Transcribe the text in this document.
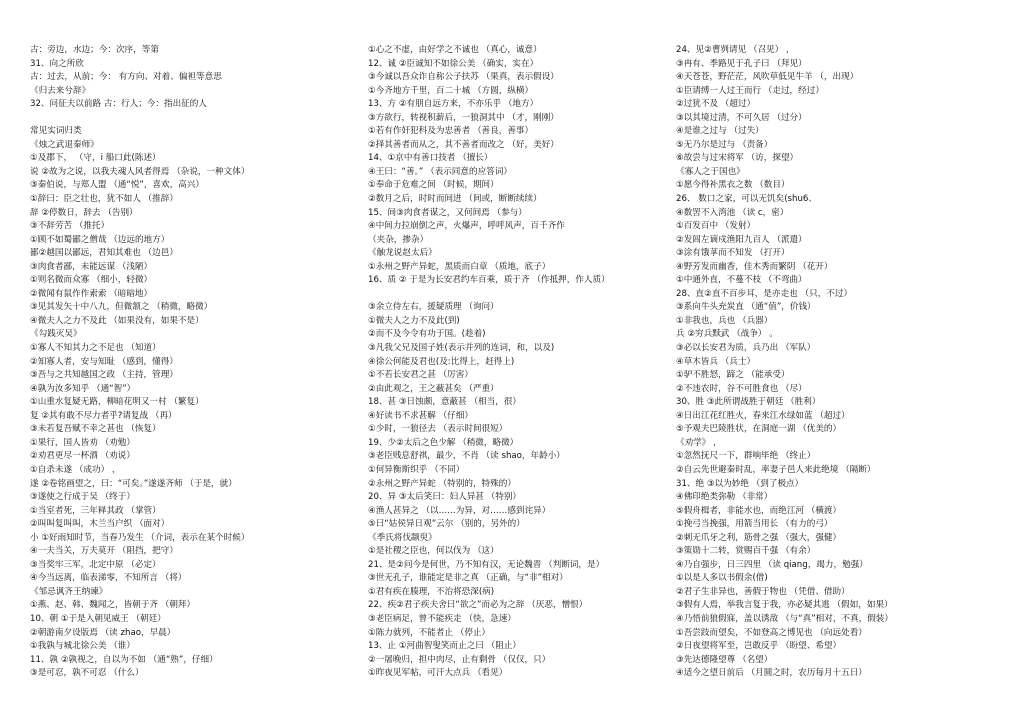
古：旁边，水边；今：次序，等第
31、向之所欣
古：过去，从前；今： 有方向、对着、偏袒等意思
《归去来兮辞》
32、问征夫以前路 古：行人；今：指出征的人
常见实词归类
《烛之武退秦师》
①及郡下， （守，i 船口此(陈述）
说 ②故为之说，以我夫魂人风者得焉 （杂说，一种文体）
③秦伯说，与郑人盟 （通“悦”，喜欢，高兴）
①辞曰：臣之壮也，犹不如人 （推辞）
辞 ②停数日，辞去 （告别）
③不辞劳苦 （推托）
①顾不如蜀鄙之僧哉 （边远的地方）
鄙②越国以鄙远，君知其难也 （边邑）
③肉食者鄙，未能远谋 （浅陋）
①则名微而众寡 （细小，轻微）
②微闻有鼠作作索索 （暗暗地）
③见其发矢十中八九，但微颔之 （稍微，略微）
④微夫人之力不及此 （如果没有，如果不是）
《勾践灭吴》
①寡人不知其力之不足也 （知道）
②知寡人者，安与知耻 （感到，懂得）
③吾与之共知越国之政 （主持，管理）
④孰为汝多知乎 （通“智”）
①山重水复疑无路，柳暗花明又一村 （繁复）
复 ②其有敢不尽力者乎?请复战 （再）
③未若复吾赋不幸之甚也 （恢复）
①果行，国人皆劝 （劝勉）
②劝君更尽一杯酒 （劝说）
①自杀未遂 （成功） ，
遂 ②卷铭画望之，曰：“可矣。”遂遂齐师 （于是，就）
③遂使之行成于吴 （终于）
①当室者死，三年释其政 （掌管）
②叫叫复叫叫，木兰当户织 （面对）
小 ①好雨知时节，当春乃发生 （介词，表示在某个时候）
④一夫当关，万夫莫开 （阻挡，把守）
③当奖牢三军，北定中原 （必定）
④今当远离，临表涕零，不知所言 （将）
《邹忌讽齐王纳谏》
①燕、赵、韩、魏闻之，皆朝于齐 （朝拜）
10、朝 ①于是入朝见威王 （朝廷）
②朝游南夕设版焉 （读 zhao，早晨）
①我孰与城北徐公美 （谁）
11、孰 ②孰视之，自以为不如 （通“熟”，仔细）
③是可忍，孰不可忍 （什么）
①心之不虚，由好学之不诚也 （真心，诚意）
12、诚 ②臣诚知不如徐公美 （确实，实在）
③今诚以吾众诈自称公子扶苏 （果真，表示假设）
①今齐地方千里，百二十城 （方圆，纵横）
13、方 ②有朋自远方来，不亦乐乎 （地方）
③方欲行，转视积薪后，一狼洞其中 （才，刚刚）
①若有作奸犯科及为忠善者 （善良，善事）
②择其善者而从之，其不善者而改之 （好，美好）
14、①京中有善口技者 （擅长）
④王曰：“善。” （表示同意的应答词）
①奉命于危难之间 （时候，期间）
②数月之后，时时而间进 （间或，断断续续）
15、间③肉食者谋之，又何间焉 （参与）
④中间力拉崩倒之声，火爆声，呼呼风声，百千齐作
（夹杂，掺杂）
《触龙说赵太后》
①永州之野产异蛇，黑质而白章 （质地，底子）
16、质 ② 于是为长安君约车百乘，质于齐 （作抵押，作人质）
③余立侍左右，援疑质理 （询问）
①微夫人之力不及此(到)
②而不及今令有功于国。(趁着)
③凡我父兄及国子姓(表示并列的连词，和，以及)
④徐公何能及君也(及:比得上，赶得上)
①不若长安君之甚 （厉害）
②由此观之，王之蔽甚矣 （严重）
18、甚 ③日蚀颇，意蔽甚 （相当，很）
④好读书不求甚解 （仔细）
①少时，一狼径去 （表示时间很短）
19、少②太后之色少解 （稍微，略微）
③老臣贱息舒祺，最少，不肖 （读 shao，年龄小）
①何异衡斯织乎 （不同）
②永州之野产异蛇 （特别的，特殊的）
20、异 ③太后笑曰：妇人异甚 （特别）
④渔人甚异之 （以……为异，对……感到诧异）
⑤曰“姑侯异日观”云尔 （别的，另外的）
《季氏将伐颛臾》
①是社稷之臣也，何以伐为 （这）
21、是②问今是何世，乃不知有汉，无论魏晋 （判断词，是）
③世无孔子，谁能定是非之真 （正确，与“非”相对）
①君有疾在腠理，不治将恐深(病)
22、疾②君子疾夫舍曰“欲之”而必为之辞 （厌恶，憎恨）
③老臣病足，曾不能疾走 （快，急速）
①陈力就列，不能者止 （停止）
13、止 ①河曲智叟笑而止之曰 （阻止）
②一屠晚归，担中肉尽，止有剩骨 （仅仅，只）
①昨夜见军帖，可汗大点兵 （看见）
24、见②曹刿请见 （召见） ，
③冉有、季路见于孔子曰 （拜见）
④天苍苍，野茫茫，风吹草低见牛羊 （，出现）
①臣请缚一人过王而行 （走过，经过）
②过犹不及 （超过）
③以其境过清，不可久居 （过分）
④是谁之过与 （过失）
⑤无乃尔是过与 （责备）
⑥故尝与过宋将军 （访，探望）
《寡人之于国也》
①愿今得补黑衣之数 （数目）
26、 数口之家，可以无饥矣(shu6、
④数罟不入湾池 （读 c，密）
①百发百中 （发射）
②发闾左谪戍渔阳九百人 （派遣）
③涂有饿莩而不知发 （打开）
④野芳发而幽香，佳木秀而繁阴 （花开）
①中通外直，不蔓不枝 （不弯曲）
28、直②直不百步耳，是亦走也 （只，不过）
③系向牛头充炭直 （通“值”，价钱）
①非我也，兵也 （兵器）
兵 ②穷兵黩武 （战争） 。
③必以长安君为质，兵乃出 （军队）
④草木皆兵 （兵士）
①驴不胜怒，蹄之 （能承受）
②不违农时，谷不可胜食也 （尽）
30、胜 ③此所谓战胜于朝廷 （胜利）
④日出江花红胜火，春来江水绿如蓝 （超过）
⑤予观夫巴陵胜状，在洞庭一湖 （优美的）
《劝学》 ，
①忽然抚尺一下，群响毕绝 （终止）
②自云先世避秦时乱，率妻子邑人来此绝境 （隔断）
31、绝 ③以为妙绝 （到了极点）
④佛印绝类弥勒 （非常）
⑤假舟楫者，非能水也，而绝江河 （横渡）
①挽弓当挽强，用箭当用长 （有力的弓）
②刺无爪牙之利，筋骨之强 （强大，强健）
③策勋十二转，赏赐百千强 （有余）
④乃自强步，日三四里 （读 qiang，竭力，勉强）
①以是人多以书假余(借)
②君子生非异也，善假于物也 （凭借、借助）
③假有人焉，举我言复于我，亦必疑其逃 （假如，如果）
④乃悟前狼假寐，盖以诱敌 （与“真”相对，不真，假装）
①吾尝跂而望矣，不如登高之博见也 （向远处看）
②日夜望将军至，岂敢反乎 （盼望、希望）
③先达德隆望尊 （名望）
④适今之望日前后 （月圆之时，农历每月十五日）
